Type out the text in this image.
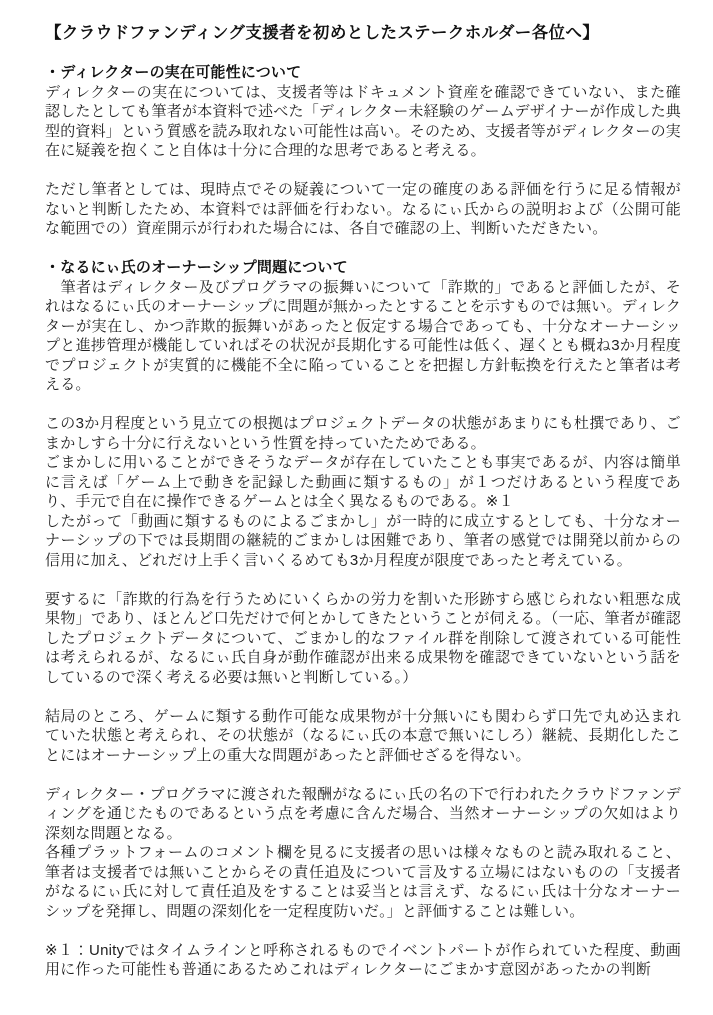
【クラウドファンディング支援者を初めとしたステークホルダー各位へ】
・ディレクターの実在可能性について

ディレクターの実在については、支援者等はドキュメント資産を確認できていない、また確認したとしても筆者が本資料で述べた「ディレクター未経験のゲームデザイナーが作成した典型的資料」という質感を読み取れない可能性は高い。そのため、支援者等がディレクターの実在に疑義を抱くこと自体は十分に合理的な思考であると考える。

ただし筆者としては、現時点でその疑義について一定の確度のある評価を行うに足る情報がないと判断したため、本資料では評価を行わない。なるにぃ氏からの説明および（公開可能な範囲での）資産開示が行われた場合には、各自で確認の上、判断いただきたい。

・なるにぃ氏のオーナーシップ問題について

　筆者はディレクター及びプログラマの振舞いについて「詐欺的」であると評価したが、それはなるにぃ氏のオーナーシップに問題が無かったとすることを示すものでは無い。ディレクターが実在し、かつ詐欺的振舞いがあったと仮定する場合であっても、十分なオーナーシップと進捗管理が機能していればその状況が長期化する可能性は低く、遅くとも概ね3か月程度でプロジェクトが実質的に機能不全に陥っていることを把握し方針転換を行えたと筆者は考える。

この3か月程度という見立ての根拠はプロジェクトデータの状態があまりにも杜撰であり、ごまかしすら十分に行えないという性質を持っていたためである。

ごまかしに用いることができそうなデータが存在していたことも事実であるが、内容は簡単に言えば「ゲーム上で動きを記録した動画に類するもの」が１つだけあるという程度であり、手元で自在に操作できるゲームとは全く異なるものである。※１

したがって「動画に類するものによるごまかし」が一時的に成立するとしても、十分なオーナーシップの下では長期間の継続的ごまかしは困難であり、筆者の感覚では開発以前からの信用に加え、どれだけ上手く言いくるめても3か月程度が限度であったと考えている。

要するに「詐欺的行為を行うためにいくらかの労力を割いた形跡すら感じられない粗悪な成果物」であり、ほとんど口先だけで何とかしてきたということが伺える。（一応、筆者が確認したプロジェクトデータについて、ごまかし的なファイル群を削除して渡されている可能性は考えられるが、なるにぃ氏自身が動作確認が出来る成果物を確認できていないという話をしているので深く考える必要は無いと判断している。）

結局のところ、ゲームに類する動作可能な成果物が十分無いにも関わらず口先で丸め込まれていた状態と考えられ、その状態が（なるにぃ氏の本意で無いにしろ）継続、長期化したことにはオーナーシップ上の重大な問題があったと評価せざるを得ない。

ディレクター・プログラマに渡された報酬がなるにぃ氏の名の下で行われたクラウドファンディングを通じたものであるという点を考慮に含んだ場合、当然オーナーシップの欠如はより深刻な問題となる。

各種プラットフォームのコメント欄を見るに支援者の思いは様々なものと読み取れること、筆者は支援者では無いことからその責任追及について言及する立場にはないものの「支援者がなるにぃ氏に対して責任追及をすることは妥当とは言えず、なるにぃ氏は十分なオーナーシップを発揮し、問題の深刻化を一定程度防いだ。」と評価することは難しい。

※１：Unityではタイムラインと呼称されるものでイベントパートが作られていた程度、動画用に作った可能性も普通にあるためこれはディレクターにごまかす意図があったかの判断
